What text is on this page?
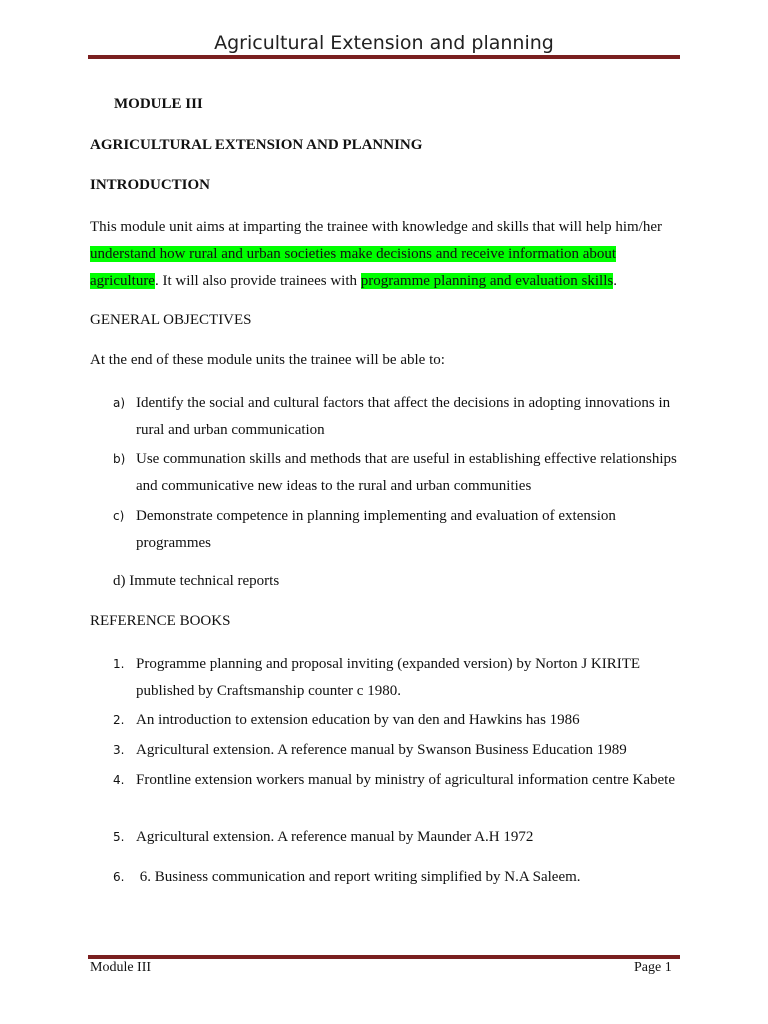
Agricultural Extension and planning
MODULE III
AGRICULTURAL EXTENSION AND PLANNING
INTRODUCTION
This module unit aims at imparting the trainee with knowledge and skills that will help him/her understand how rural and urban societies make decisions and receive information about agriculture. It will also provide trainees with programme planning and evaluation skills.
GENERAL OBJECTIVES
At the end of these module units the trainee will be able to:
a) Identify the social and cultural factors that affect the decisions in adopting innovations in rural and urban communication
b) Use communation skills and methods that are useful in establishing effective relationships and communicative new ideas to the rural and urban communities
c) Demonstrate competence in planning implementing and evaluation of extension programmes
d) Immute technical reports
REFERENCE BOOKS
1. Programme planning and proposal inviting (expanded version) by Norton J KIRITE published by Craftsmanship counter c 1980.
2. An introduction to extension education by van den and Hawkins has 1986
3. Agricultural extension. A reference manual by Swanson Business Education 1989
4. Frontline extension workers manual by ministry of agricultural information centre Kabete
5. Agricultural extension. A reference manual by Maunder A.H 1972
6. 6. Business communication and report writing simplified by N.A Saleem.
Module III	Page 1
